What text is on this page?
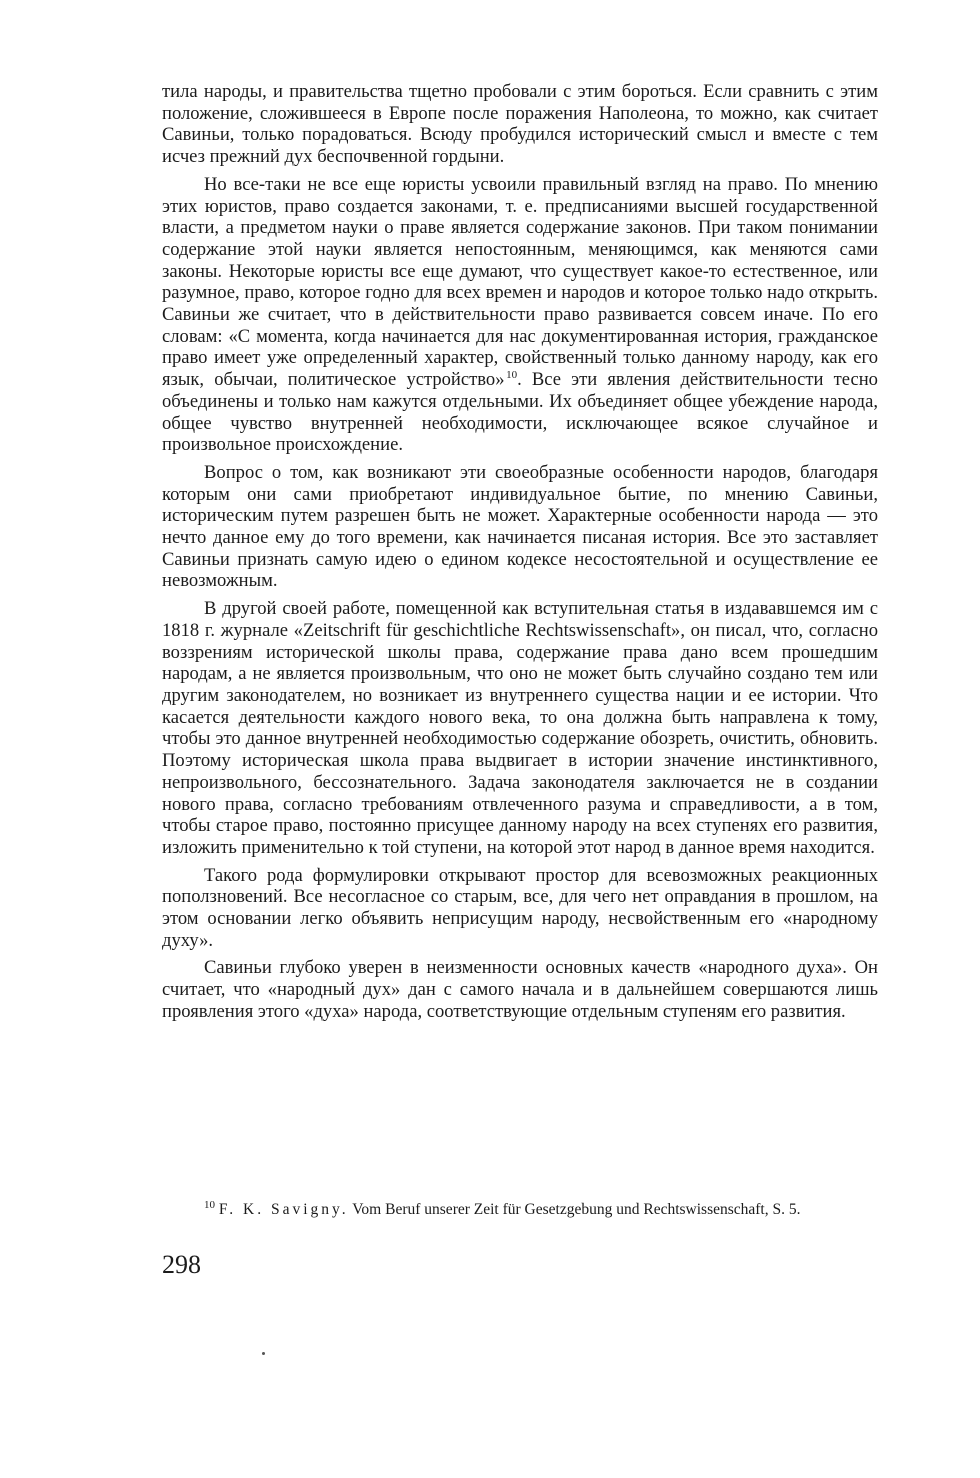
тила народы, и правительства тщетно пробовали с этим бороться. Если сравнить с этим положение, сложившееся в Европе после поражения Наполеона, то можно, как считает Савиньи, только порадоваться. Всюду пробудился исторический смысл и вместе с тем исчез прежний дух беспочвенной гордыни.

Но все-таки не все еще юристы усвоили правильный взгляд на право. По мнению этих юристов, право создается законами, т. е. предписаниями высшей государственной власти, а предметом науки о праве является содержание законов. При таком понимании содержание этой науки является непостоянным, меняющимся, как меняются сами законы. Некоторые юристы все еще думают, что существует какое-то естественное, или разумное, право, которое годно для всех времен и народов и которое только надо открыть. Савиньи же считает, что в действительности право развивается совсем иначе. По его словам: «С момента, когда начинается для нас документированная история, гражданское право имеет уже определенный характер, свойственный только данному народу, как его язык, обычаи, политическое устройство»  $^{10}$. Все эти явления действительности тесно объединены и только нам кажутся отдельными. Их объединяет общее убеждение народа, общее чувство внутренней необходимости, исключающее всякое случайное и произвольное происхождение.

Вопрос о том, как возникают эти своеобразные особенности народов, благодаря которым они сами приобретают индивидуальное бытие, по мнению Савиньи, историческим путем разрешен быть не может. Характерные особенности народа — это нечто данное ему до того времени, как начинается писаная история. Все это заставляет Савиньи признать самую идею о едином кодексе несостоятельной и осуществление ее невозможным.

В другой своей работе, помещенной как вступительная статья в издававшемся им с 1818 г. журнале «Zeitschrift für geschichtliche Rechtswissenschaft», он писал, что, согласно воззрениям исторической школы права, содержание права дано всем прошедшим народам, а не является произвольным, что оно не может быть случайно создано тем или другим законодателем, но возникает из внутреннего существа нации и ее истории. Что касается деятельности каждого нового века, то она должна быть направлена к тому, чтобы это данное внутренней необходимостью содержание обозреть, очистить, обновить. Поэтому историческая школа права выдвигает в истории значение инстинктивного, непроизвольного, бессознательного. Задача законодателя заключается не в создании нового права, согласно требованиям отвлеченного разума и справедливости, а в том, чтобы старое право, постоянно присущее данному народу на всех ступенях его развития, изложить применительно к той ступени, на которой этот народ в данное время находится.

Такого рода формулировки открывают простор для всевозможных реакционных поползновений. Все несогласное со старым, все, для чего нет оправдания в прошлом, на этом основании легко объявить неприсущим народу, несвойственным его «народному духу».

Савиньи глубоко уверен в неизменности основных качеств «народного духа». Он считает, что «народный дух» дан с самого начала и в дальнейшем совершаются лишь проявления этого «духа» народа, соответствующие отдельным ступеням его развития.

$^{10}$ F. K. Savigny. Vom Beruf unserer Zeit für Gesetzgebung und Rechtswissenschaft, S. 5.
298
